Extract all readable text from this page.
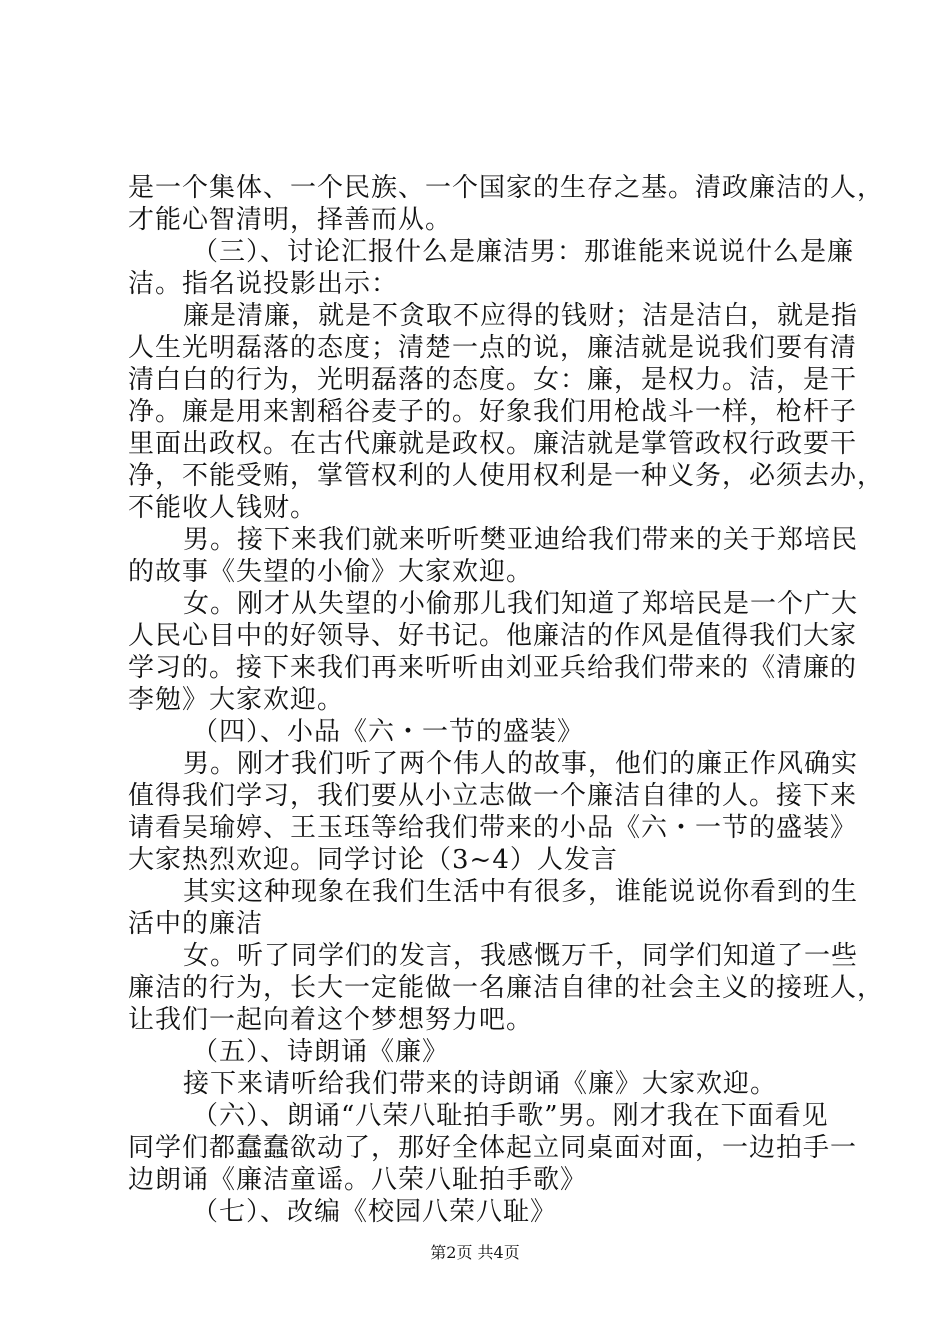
是一个集体、一个民族、一个国家的生存之基。清政廉洁的人，
才能心智清明，择善而从。
（三）、讨论汇报什么是廉洁男：那谁能来说说什么是廉
洁。指名说投影出示：
廉是清廉，就是不贪取不应得的钱财；洁是洁白，就是指
人生光明磊落的态度；清楚一点的说，廉洁就是说我们要有清
清白白的行为，光明磊落的态度。女：廉，是权力。洁，是干
净。廉是用来割稻谷麦子的。好象我们用枪战斗一样，枪杆子
里面出政权。在古代廉就是政权。廉洁就是掌管政权行政要干
净，不能受贿，掌管权利的人使用权利是一种义务，必须去办，
不能收人钱财。
男。接下来我们就来听听樊亚迪给我们带来的关于郑培民
的故事《失望的小偷》大家欢迎。
女。刚才从失望的小偷那儿我们知道了郑培民是一个广大
人民心目中的好领导、好书记。他廉洁的作风是值得我们大家
学习的。接下来我们再来听听由刘亚兵给我们带来的《清廉的
李勉》大家欢迎。
（四）、小品《六・一节的盛装》
男。刚才我们听了两个伟人的故事，他们的廉正作风确实
值得我们学习，我们要从小立志做一个廉洁自律的人。接下来
请看吴瑜婷、王玉珏等给我们带来的小品《六・一节的盛装》
大家热烈欢迎。同学讨论（3~4）人发言
其实这种现象在我们生活中有很多，谁能说说你看到的生
活中的廉洁
女。听了同学们的发言，我感慨万千，同学们知道了一些
廉洁的行为，长大一定能做一名廉洁自律的社会主义的接班人，
让我们一起向着这个梦想努力吧。
（五）、诗朗诵《廉》
接下来请听给我们带来的诗朗诵《廉》大家欢迎。
（六）、朗诵“八荣八耻拍手歌”男。刚才我在下面看见
同学们都蠢蠢欲动了，那好全体起立同桌面对面，一边拍手一
边朗诵《廉洁童谣。八荣八耻拍手歌》
（七）、改编《校园八荣八耻》
第2页 共4页
